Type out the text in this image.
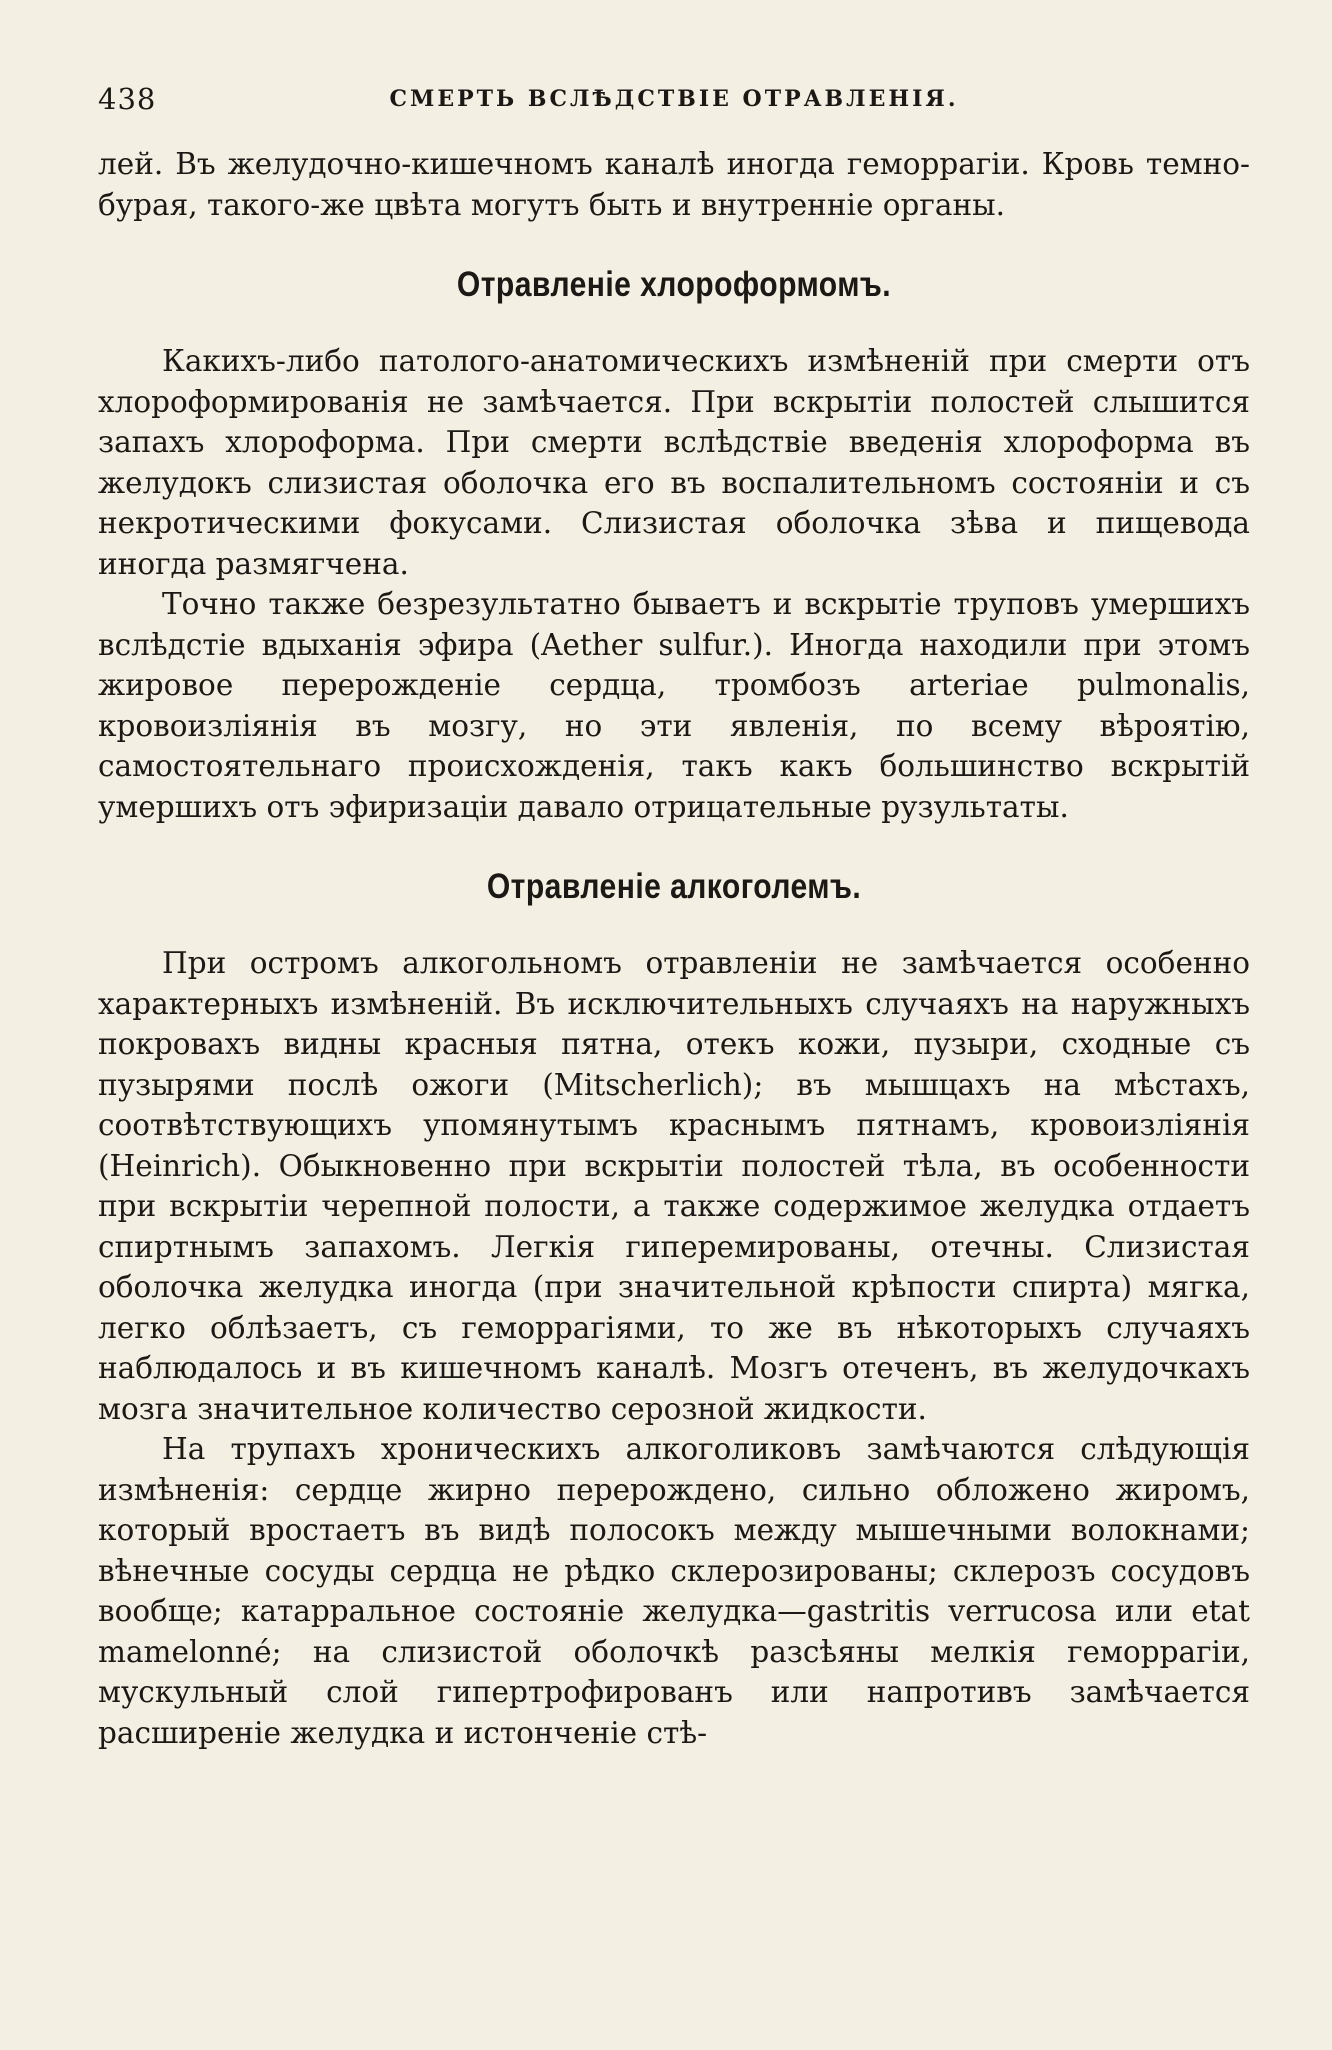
438	СМЕРТЬ ВСЛѢДСТВІЕ ОТРАВЛЕНІЯ.

лей. Въ желудочно-кишечномъ каналѣ иногда геморрагіи. Кровь темно-бурая, такого-же цвѣта могутъ быть и внутренніе органы.

Отравленіе хлороформомъ.

Какихъ-либо патолого-анатомическихъ измѣненій при смерти отъ хлороформированія не замѣчается. При вскрытіи полостей слышится запахъ хлороформа. При смерти вслѣдствіе введенія хлороформа въ желудокъ слизистая оболочка его въ воспалительномъ состояніи и съ некротическими фокусами. Слизистая оболочка зѣва и пищевода иногда размягчена.

Точно также безрезультатно бываетъ и вскрытіе труповъ умершихъ вслѣдстіе вдыханія эфира (Aether sulfur.). Иногда находили при этомъ жировое перерожденіе сердца, тромбозъ arteriae pulmonalis, кровоизліянія въ мозгу, но эти явленія, по всему вѣроятію, самостоятельнаго происхожденія, такъ какъ большинство вскрытій умершихъ отъ эфиризаціи давало отрицательные рузультаты.

Отравленіе алкоголемъ.

При остромъ алкогольномъ отравленіи не замѣчается особенно характерныхъ измѣненій. Въ исключительныхъ случаяхъ на наружныхъ покровахъ видны красныя пятна, отекъ кожи, пузыри, сходные съ пузырями послѣ ожоги (Mitscherlich); въ мышцахъ на мѣстахъ, соотвѣтствующихъ упомянутымъ краснымъ пятнамъ, кровоизліянія (Heinrich). Обыкновенно при вскрытіи полостей тѣла, въ особенности при вскрытіи черепной полости, а также содержимое желудка отдаетъ спиртнымъ запахомъ. Легкія гиперемированы, отечны. Слизистая оболочка желудка иногда (при значительной крѣпости спирта) мягка, легко облѣзаетъ, съ геморрагіями, то же въ нѣкоторыхъ случаяхъ наблюдалось и въ кишечномъ каналѣ. Мозгъ отеченъ, въ желудочкахъ мозга значительное количество серозной жидкости.

На трупахъ хроническихъ алкоголиковъ замѣчаются слѣдующія измѣненія: сердце жирно перерождено, сильно обложено жиромъ, который вростаетъ въ видѣ полосокъ между мышечными волокнами; вѣнечные сосуды сердца не рѣдко склерозированы; склерозъ сосудовъ вообще; катарральное состояніе желудка—gastritis verrucosa или etat mamelonné; на слизистой оболочкѣ разсѣяны мелкія геморрагіи, мускульный слой гипертрофированъ или напротивъ замѣчается расширеніе желудка и истонченіе стѣ-
